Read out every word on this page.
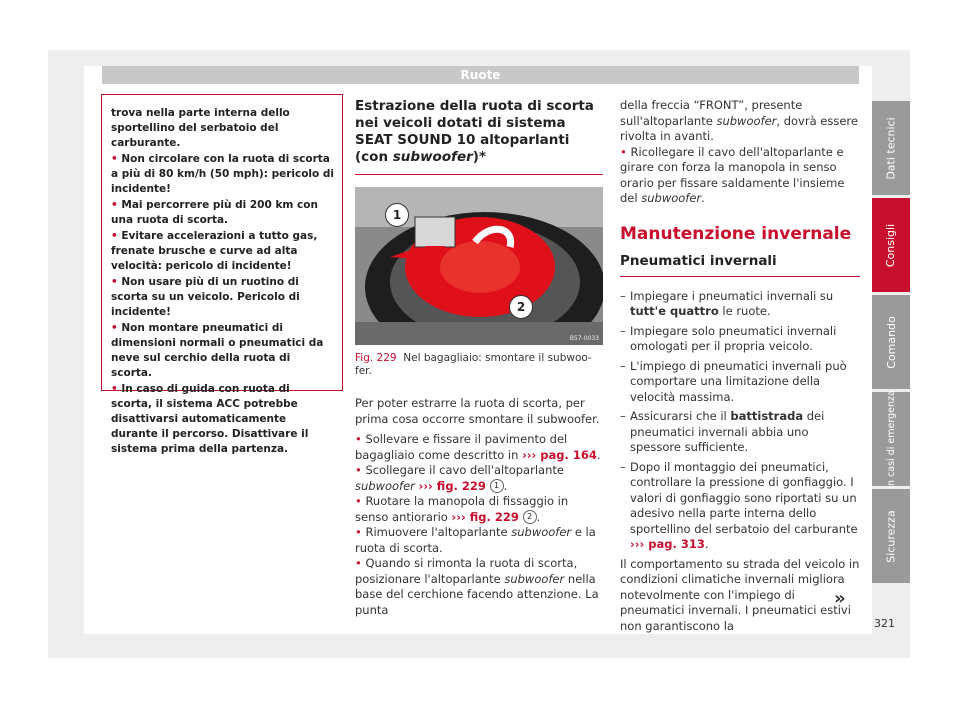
Ruote

trova nella parte interna dello sportellino del serbatoio del carburante.

• Non circolare con la ruota di scorta a più di 80 km/h (50 mph): pericolo di incidente!

• Mai percorrere più di 200 km con una ruota di scorta.

• Evitare accelerazioni a tutto gas, frenate brusche e curve ad alta velocità: pericolo di incidente!

• Non usare più di un ruotino di scorta su un veicolo. Pericolo di incidente!

• Non montare pneumatici di dimensioni normali o pneumatici da neve sul cerchio della ruota di scorta.

• In caso di guida con ruota di scorta, il sistema ACC potrebbe disattivarsi automaticamente durante il percorso. Disattivare il sistema prima della partenza.

Estrazione della ruota di scorta nei veicoli dotati di sistema SEAT SOUND 10 altoparlanti (con subwoofer)*

1
2
B57-0033
Fig. 229 Nel bagagliaio: smontare il subwoofer.

Per poter estrarre la ruota di scorta, per prima cosa occorre smontare il subwoofer.

• Sollevare e fissare il pavimento del bagagliaio come descritto in ››› pag. 164.

• Scollegare il cavo dell'altoparlante subwoofer ››› fig. 229 1 .

• Ruotare la manopola di fissaggio in senso antiorario ››› fig. 229 2 .

• Rimuovere l'altoparlante subwoofer e la ruota di scorta.

• Quando si rimonta la ruota di scorta, posizionare l'altoparlante subwoofer nella base del cerchione facendo attenzione. La punta

della freccia “FRONT”, presente sull'altoparlante subwoofer, dovrà essere rivolta in avanti.

• Ricollegare il cavo dell'altoparlante e girare con forza la manopola in senso orario per fissare saldamente l'insieme del subwoofer.

Manutenzione invernale
Pneumatici invernali
– Impiegare i pneumatici invernali su tutt'e quattro le ruote.
– Impiegare solo pneumatici invernali omologati per il propria veicolo.
– L'impiego di pneumatici invernali può comportare una limitazione della velocità massima.
– Assicurarsi che il battistrada dei pneumatici invernali abbia uno spessore sufficiente.
– Dopo il montaggio dei pneumatici, controllare la pressione di gonfiaggio. I valori di gonfiaggio sono riportati su un adesivo nella parte interna dello sportellino del serbatoio del carburante ››› pag. 313.

Il comportamento su strada del veicolo in condizioni climatiche invernali migliora notevolmente con l'impiego di pneumatici invernali. I pneumatici estivi non garantiscono la

Dati tecnici
Consigli
Comando
In casi di emergenza
Sicurezza
»
321
